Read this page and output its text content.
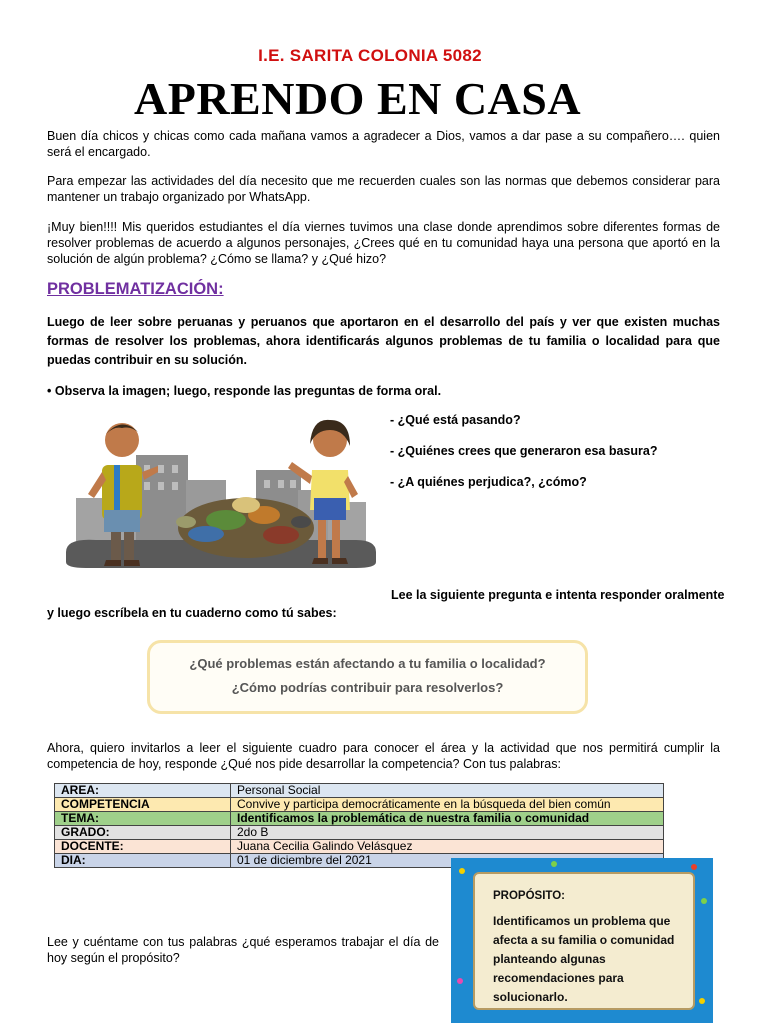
I.E. SARITA COLONIA 5082
APRENDO EN CASA
Buen día chicos y chicas como cada mañana vamos a agradecer a Dios, vamos a dar pase a su compañero…. quien será el encargado.
Para empezar las actividades del día necesito que me recuerden cuales son las normas que debemos considerar para mantener un trabajo organizado por WhatsApp.
¡Muy bien!!!! Mis queridos estudiantes el día viernes tuvimos una clase donde aprendimos sobre diferentes formas de resolver problemas de acuerdo a algunos personajes, ¿Crees qué en tu comunidad haya una persona que aportó en la solución de algún problema? ¿Cómo se llama? y ¿Qué hizo?
PROBLEMATIZACIÓN:
Luego de leer sobre peruanas y peruanos que aportaron en el desarrollo del país y ver que existen muchas formas de resolver los problemas, ahora identificarás algunos problemas de tu familia o localidad para que puedas contribuir en su solución.
• Observa la imagen; luego, responde las preguntas de forma oral.
- ¿Qué está pasando?
- ¿Quiénes crees que generaron esa basura?
- ¿A quiénes perjudica?, ¿cómo?
Lee la siguiente pregunta e intenta responder oralmente
y luego escríbela en tu cuaderno como tú sabes:
¿Qué problemas están afectando a tu familia o localidad?
¿Cómo podrías contribuir para resolverlos?
Ahora, quiero invitarlos a leer el siguiente cuadro para conocer el área y la actividad que nos permitirá cumplir la competencia de hoy, responde ¿Qué nos pide desarrollar la competencia? Con tus palabras:
AREA:	Personal Social
COMPETENCIA	Convive y participa democráticamente en la búsqueda del bien común
TEMA:	Identificamos la problemática de nuestra familia o comunidad
GRADO:	2do B
DOCENTE:	Juana Cecilia Galindo Velásquez
DIA:	01 de diciembre del 2021
Lee y cuéntame con tus palabras ¿qué esperamos trabajar el día de hoy según el propósito?
PROPÓSITO:
Identificamos un problema que afecta a su familia o comunidad planteando algunas recomendaciones para solucionarlo.
